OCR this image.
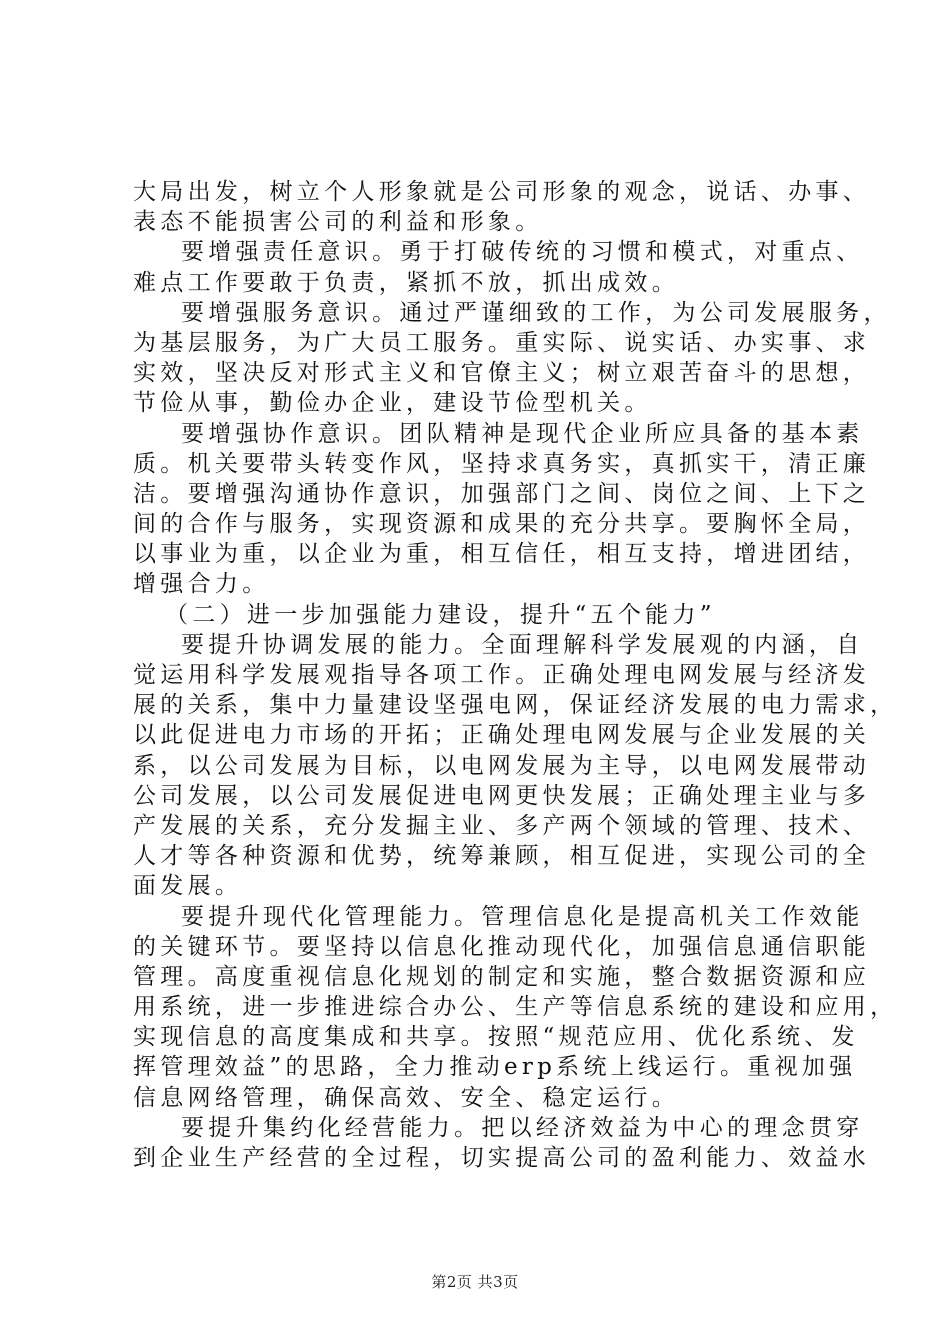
大局出发，树立个人形象就是公司形象的观念，说话、办事、
表态不能损害公司的利益和形象。
要增强责任意识。勇于打破传统的习惯和模式，对重点、
难点工作要敢于负责，紧抓不放，抓出成效。
要增强服务意识。通过严谨细致的工作，为公司发展服务，
为基层服务，为广大员工服务。重实际、说实话、办实事、求
实效，坚决反对形式主义和官僚主义；树立艰苦奋斗的思想，
节俭从事，勤俭办企业，建设节俭型机关。
要增强协作意识。团队精神是现代企业所应具备的基本素
质。机关要带头转变作风，坚持求真务实，真抓实干，清正廉
洁。要增强沟通协作意识，加强部门之间、岗位之间、上下之
间的合作与服务，实现资源和成果的充分共享。要胸怀全局，
以事业为重，以企业为重，相互信任，相互支持，增进团结，
增强合力。
（二）进一步加强能力建设，提升“五个能力”
要提升协调发展的能力。全面理解科学发展观的内涵，自
觉运用科学发展观指导各项工作。正确处理电网发展与经济发
展的关系，集中力量建设坚强电网，保证经济发展的电力需求，
以此促进电力市场的开拓；正确处理电网发展与企业发展的关
系，以公司发展为目标，以电网发展为主导，以电网发展带动
公司发展，以公司发展促进电网更快发展；正确处理主业与多
产发展的关系，充分发掘主业、多产两个领域的管理、技术、
人才等各种资源和优势，统筹兼顾，相互促进，实现公司的全
面发展。
要提升现代化管理能力。管理信息化是提高机关工作效能
的关键环节。要坚持以信息化推动现代化，加强信息通信职能
管理。高度重视信息化规划的制定和实施，整合数据资源和应
用系统，进一步推进综合办公、生产等信息系统的建设和应用，
实现信息的高度集成和共享。按照“规范应用、优化系统、发
挥管理效益”的思路，全力推动erp系统上线运行。重视加强
信息网络管理，确保高效、安全、稳定运行。
要提升集约化经营能力。把以经济效益为中心的理念贯穿
到企业生产经营的全过程，切实提高公司的盈利能力、效益水
第2页 共3页
